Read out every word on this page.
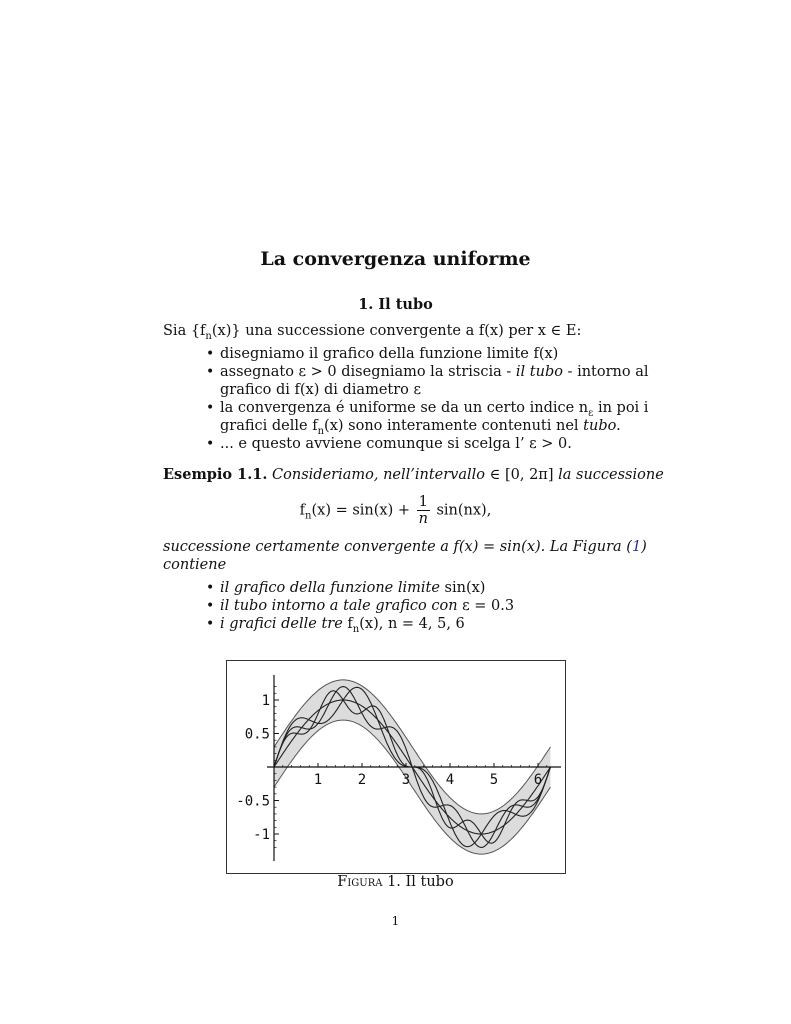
La convergenza uniforme
1. Il tubo
Sia $\{f_n(x)\}$ una successione convergente a f(x) per x ∈ E:
• disegniamo il grafico della funzione limite f(x)
• assegnato ε > 0 disegniamo la striscia - il tubo - intorno al
grafico di f(x) di diametro ε
• la convergenza é uniforme se da un certo indice $n_\varepsilon$ in poi i
grafici delle $f_n(x)$ sono interamente contenuti nel tubo.
• ... e questo avviene comunque si scelga l’ ε > 0.
Esempio 1.1. Consideriamo, nell’intervallo ∈ [0, 2π] la successione
$f_n(x) = \sin(x) + \frac{1}{n} \sin(nx)$,
successione certamente convergente a f(x) = sin(x). La Figura (1)
contiene
• il grafico della funzione limite sin(x)
• il tubo intorno a tale grafico con ε = 0.3
• i grafici delle tre $f_n(x)$, n = 4, 5, 6
1	2	3	4	5	6
1
0.5
-0.5
-1
Figura 1. Il tubo
1
